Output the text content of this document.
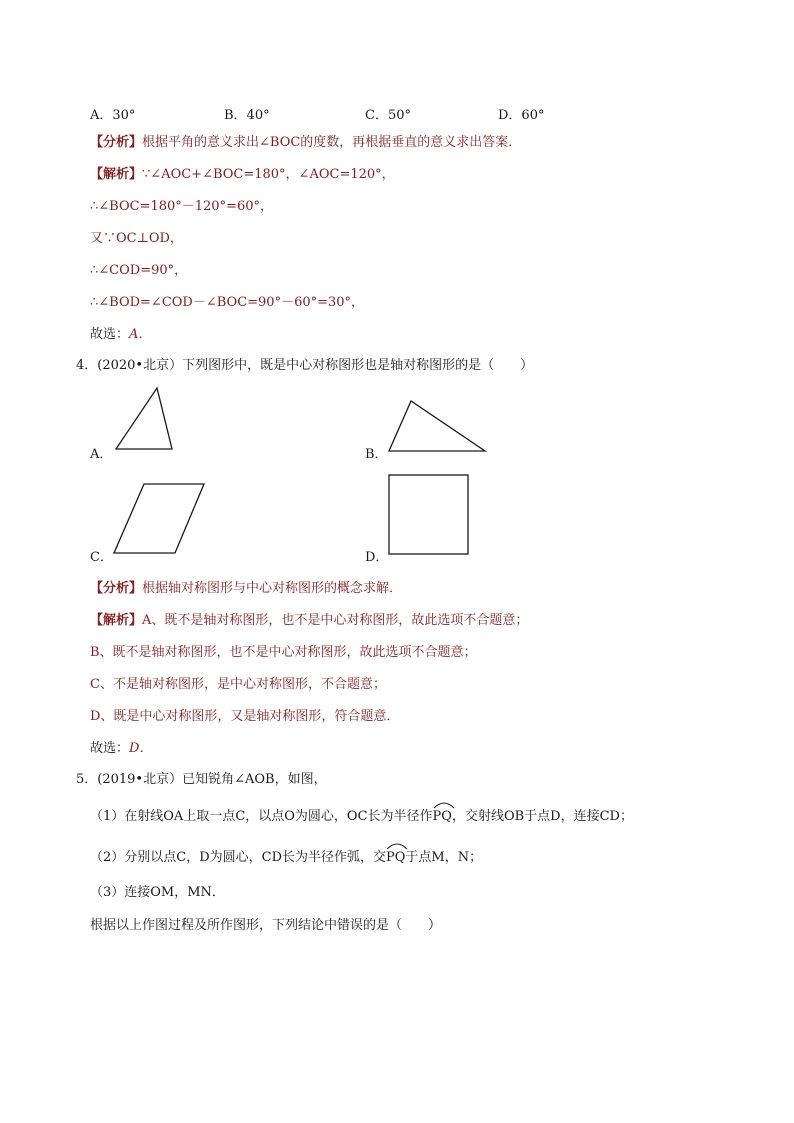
A．30°	B．40°	C．50°	D．60°
【分析】根据平角的意义求出∠BOC的度数，再根据垂直的意义求出答案．
【解析】∵∠AOC+∠BOC=180°，∠AOC=120°，
∴∠BOC=180°－120°=60°，
又∵OC⊥OD，
∴∠COD=90°，
∴∠BOD=∠COD－∠BOC=90°－60°=30°，
故选：A．
4．(2020•北京）下列图形中，既是中心对称图形也是轴对称图形的是（　　）
A．	B．
C．	D．
【分析】根据轴对称图形与中心对称图形的概念求解．
【解析】A、既不是轴对称图形，也不是中心对称图形，故此选项不合题意；
B、既不是轴对称图形，也不是中心对称图形，故此选项不合题意；
C、不是轴对称图形，是中心对称图形，不合题意；
D、既是中心对称图形，又是轴对称图形，符合题意．
故选：D．
5．(2019•北京）已知锐角∠AOB，如图，
（1）在射线OA上取一点C，以点O为圆心，OC长为半径作
PQ，交射线OB于点D，连接CD；
（2）分别以点C，D为圆心，CD长为半径作弧，交
PQ于点M，N；
（3）连接OM，MN．
根据以上作图过程及所作图形，下列结论中错误的是（　　）
